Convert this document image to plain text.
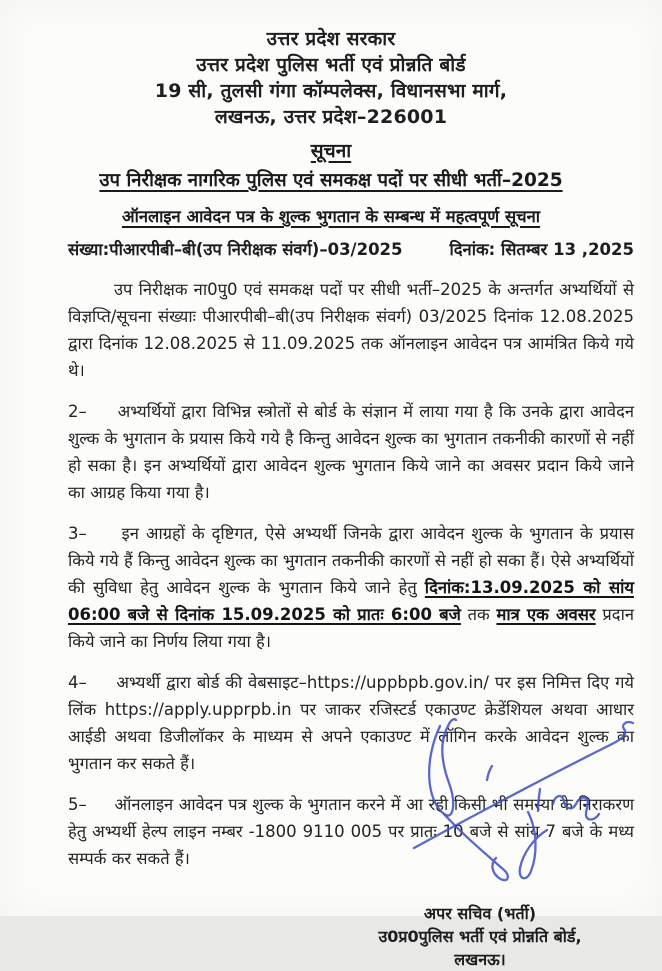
उत्तर प्रदेश सरकार
उत्तर प्रदेश पुलिस भर्ती एवं प्रोन्नति बोर्ड
19 सी, तुलसी गंगा कॉम्पलेक्स, विधानसभा मार्ग,
लखनऊ, उत्तर प्रदेश–226001
सूचना
उप निरीक्षक नागरिक पुलिस एवं समकक्ष पदों पर सीधी भर्ती–2025
ऑनलाइन आवेदन पत्र के शुल्क भुगतान के सम्बन्ध में महत्वपूर्ण सूचना
संख्या:पीआरपीबी–बी(उप निरीक्षक संवर्ग)–03/2025	दिनांक: सितम्बर 13 ,2025
उप निरीक्षक ना0पु0 एवं समकक्ष पदों पर सीधी भर्ती–2025 के अन्तर्गत अभ्यर्थियों से विज्ञप्ति/सूचना संख्याः पीआरपीबी–बी(उप निरीक्षक संवर्ग) 03/2025 दिनांक 12.08.2025 द्वारा दिनांक 12.08.2025 से 11.09.2025 तक ऑनलाइन आवेदन पत्र आमंत्रित किये गये थे।
2–     अभ्यर्थियों द्वारा विभिन्न स्त्रोतों से बोर्ड के संज्ञान में लाया गया है कि उनके द्वारा आवेदन शुल्क के भुगतान के प्रयास किये गये है किन्तु आवेदन शुल्क का भुगतान तकनीकी कारणों से नहीं हो सका है। इन अभ्यर्थियों द्वारा आवेदन शुल्क भुगतान किये जाने का अवसर प्रदान किये जाने का आग्रह किया गया है।
3–     इन आग्रहों के दृष्टिगत, ऐसे अभ्यर्थी जिनके द्वारा आवेदन शुल्क के भुगतान के प्रयास किये गये हैं किन्तु आवेदन शुल्क का भुगतान तकनीकी कारणों से नहीं हो सका हैं। ऐसे अभ्यर्थियों की सुविधा हेतु आवेदन शुल्क के भुगतान किये जाने हेतु दिनांक:13.09.2025 को सांय 06:00 बजे से दिनांक 15.09.2025 को प्रातः 6:00 बजे तक मात्र एक अवसर प्रदान किये जाने का निर्णय लिया गया है।
4–     अभ्यर्थी द्वारा बोर्ड की वेबसाइट–https://uppbpb.gov.in/ पर इस निमित्त दिए गये लिंक https://apply.upprpb.in पर जाकर रजिस्टर्ड एकाउण्ट क्रेडेंशियल अथवा आधार आईडी अथवा डिजीलॉकर के माध्यम से अपने एकाउण्ट में लॉगिन करके आवेदन शुल्क का भुगतान कर सकते हैं।
5–     ऑनलाइन आवेदन पत्र शुल्क के भुगतान करने में आ रही किसी भी समस्या के निराकरण हेतु अभ्यर्थी हेल्प लाइन नम्बर -1800 9110 005 पर प्रातः 10 बजे से सांय 7 बजे के मध्य सम्पर्क कर सकते हैं।
अपर सचिव (भर्ती)
उ0प्र0पुलिस भर्ती एवं प्रोन्नति बोर्ड,
लखनऊ।
